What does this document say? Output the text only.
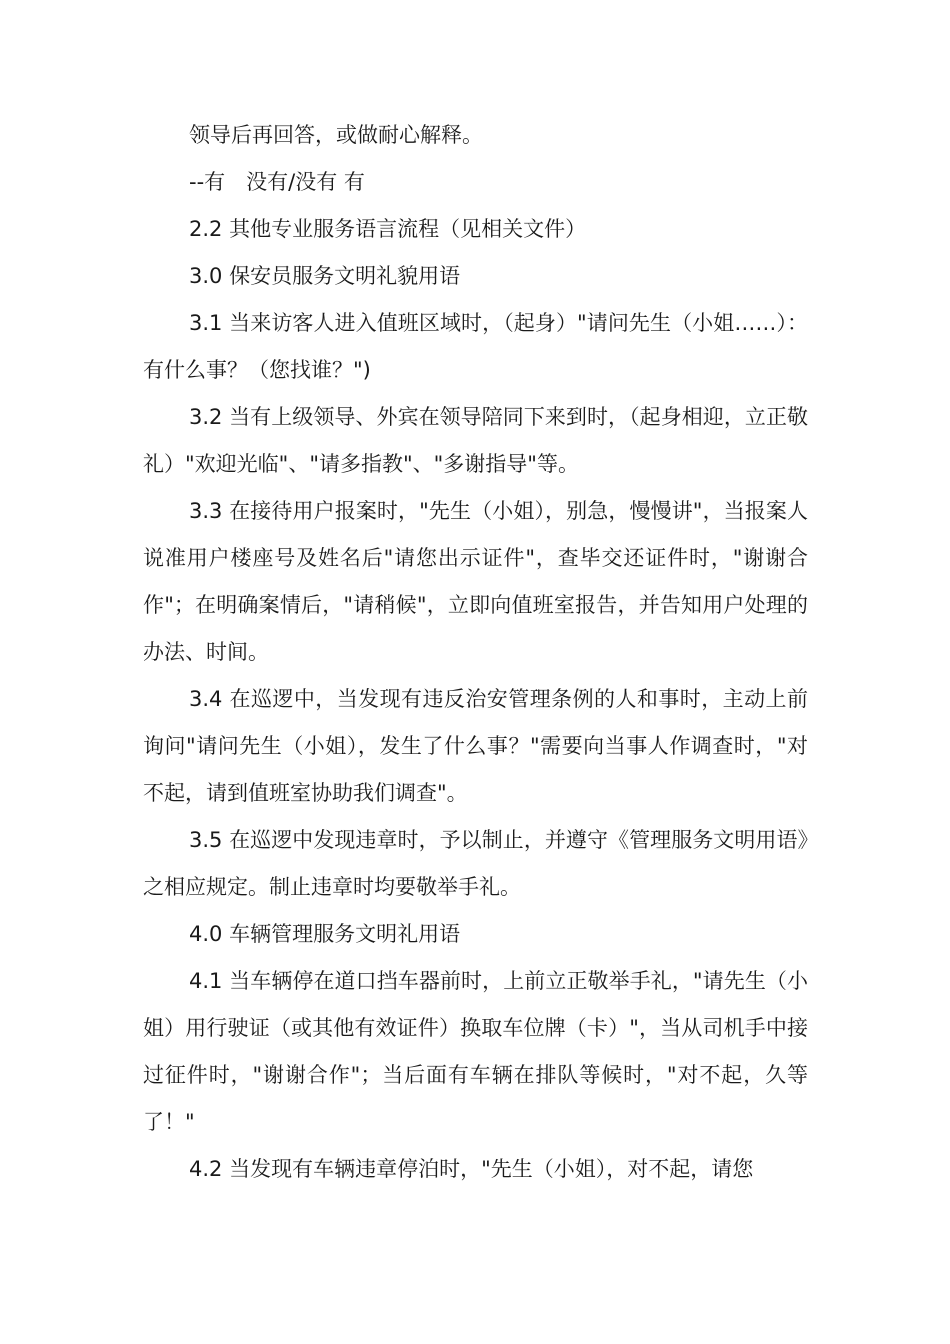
领导后再回答，或做耐心解释。

--有　没有/没有 有

2.2 其他专业服务语言流程（见相关文件）

3.0 保安员服务文明礼貌用语

3.1 当来访客人进入值班区域时，（起身）"请问先生（小姐……）：有什么事？（您找谁？")

3.2 当有上级领导、外宾在领导陪同下来到时，（起身相迎，立正敬礼）"欢迎光临"、"请多指教"、"多谢指导"等。

3.3 在接待用户报案时，"先生（小姐），别急，慢慢讲"，当报案人说准用户楼座号及姓名后"请您出示证件"，查毕交还证件时，"谢谢合作"；在明确案情后，"请稍候"，立即向值班室报告，并告知用户处理的办法、时间。

3.4 在巡逻中，当发现有违反治安管理条例的人和事时，主动上前询问"请问先生（小姐），发生了什么事？"需要向当事人作调查时，"对不起，请到值班室协助我们调查"。

3.5 在巡逻中发现违章时，予以制止，并遵守《管理服务文明用语》之相应规定。制止违章时均要敬举手礼。

4.0 车辆管理服务文明礼用语

4.1 当车辆停在道口挡车器前时，上前立正敬举手礼，"请先生（小姐）用行驶证（或其他有效证件）换取车位牌（卡）"，当从司机手中接过征件时，"谢谢合作"；当后面有车辆在排队等候时，"对不起，久等了！"

4.2 当发现有车辆违章停泊时，"先生（小姐），对不起，请您
